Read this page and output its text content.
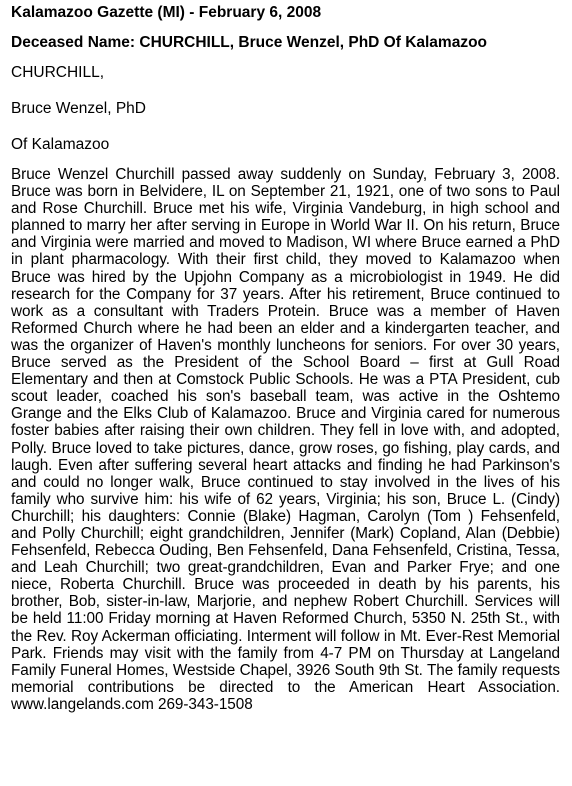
Kalamazoo Gazette (MI) - February 6, 2008
Deceased Name: CHURCHILL, Bruce Wenzel, PhD Of Kalamazoo
CHURCHILL,
Bruce Wenzel, PhD
Of Kalamazoo

Bruce Wenzel Churchill passed away suddenly on Sunday, February 3, 2008. Bruce was born in Belvidere, IL on September 21, 1921, one of two sons to Paul and Rose Churchill. Bruce met his wife, Virginia Vandeburg, in high school and planned to marry her after serving in Europe in World War II. On his return, Bruce and Virginia were married and moved to Madison, WI where Bruce earned a PhD in plant pharmacology. With their first child, they moved to Kalamazoo when Bruce was hired by the Upjohn Company as a microbiologist in 1949. He did research for the Company for 37 years. After his retirement, Bruce continued to work as a consultant with Traders Protein. Bruce was a member of Haven Reformed Church where he had been an elder and a kindergarten teacher, and was the organizer of Haven's monthly luncheons for seniors. For over 30 years, Bruce served as the President of the School Board – first at Gull Road Elementary and then at Comstock Public Schools. He was a PTA President, cub scout leader, coached his son's baseball team, was active in the Oshtemo Grange and the Elks Club of Kalamazoo. Bruce and Virginia cared for numerous foster babies after raising their own children. They fell in love with, and adopted, Polly. Bruce loved to take pictures, dance, grow roses, go fishing, play cards, and laugh. Even after suffering several heart attacks and finding he had Parkinson's and could no longer walk, Bruce continued to stay involved in the lives of his family who survive him: his wife of 62 years, Virginia; his son, Bruce L. (Cindy) Churchill; his daughters: Connie (Blake) Hagman, Carolyn (Tom ) Fehsenfeld, and Polly Churchill; eight grandchildren, Jennifer (Mark) Copland, Alan (Debbie) Fehsenfeld, Rebecca Ouding, Ben Fehsenfeld, Dana Fehsenfeld, Cristina, Tessa, and Leah Churchill; two great-grandchildren, Evan and Parker Frye; and one niece, Roberta Churchill. Bruce was proceeded in death by his parents, his brother, Bob, sister-in-law, Marjorie, and nephew Robert Churchill. Services will be held 11:00 Friday morning at Haven Reformed Church, 5350 N. 25th St., with the Rev. Roy Ackerman officiating. Interment will follow in Mt. Ever-Rest Memorial Park. Friends may visit with the family from 4-7 PM on Thursday at Langeland Family Funeral Homes, Westside Chapel, 3926 South 9th St. The family requests memorial contributions be directed to the American Heart Association. www.langelands.com 269-343-1508
